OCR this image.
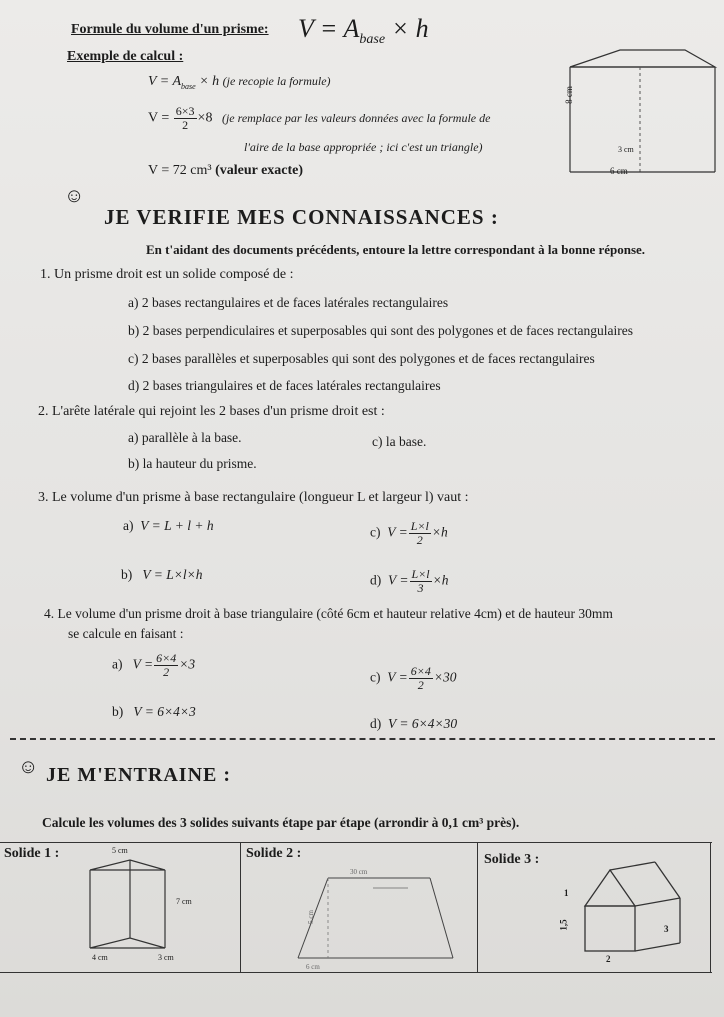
Formule du volume d'un prisme: $V = A_{base} \times h$
Exemple de calcul :
$V = A_{base} \times h$ (je recopie la formule)
$V = \frac{6\times 3}{2} \times 8$ (je remplace par les valeurs données avec la formule de
l'aire de la base appropriée ; ici c'est un triangle)
V = 72 cm³ (valeur exacte)
8 cm
3 cm
6 cm
☺
JE VERIFIE MES CONNAISSANCES :
En t'aidant des documents précédents, entoure la lettre correspondant à la bonne réponse.
1. Un prisme droit est un solide composé de :
a) 2 bases rectangulaires et de faces latérales rectangulaires
b) 2 bases perpendiculaires et superposables qui sont des polygones et de faces rectangulaires
c) 2 bases parallèles et superposables qui sont des polygones et de faces rectangulaires
d) 2 bases triangulaires et de faces latérales rectangulaires
2. L'arête latérale qui rejoint les 2 bases d'un prisme droit est :
a) parallèle à la base.	c) la base.
b) la hauteur du prisme.
3. Le volume d'un prisme à base rectangulaire (longueur L et largeur l) vaut :
a) V = L + l + h	c) $V = \frac{L\times l}{2} \times h$
b) V = L×l×h	d) $V = \frac{L\times l}{3} \times h$
4. Le volume d'un prisme droit à base triangulaire (côté 6cm et hauteur relative 4cm) et de hauteur 30mm
se calcule en faisant :
a) $V = \frac{6\times 4}{2} \times 3$
c) $V = \frac{6\times 4}{2} \times 30$
b) V = 6×4×3
d) V = 6×4×30
☺ JE M'ENTRAINE :
Calcule les volumes des 3 solides suivants étape par étape (arrondir à 0,1 cm³ près).
Solide 1 :	5 cm
7 cm
4 cm	3 cm
Solide 2 :
30 cm
5 cm
6 cm
Solide 3 :
1
1,5	3
2
